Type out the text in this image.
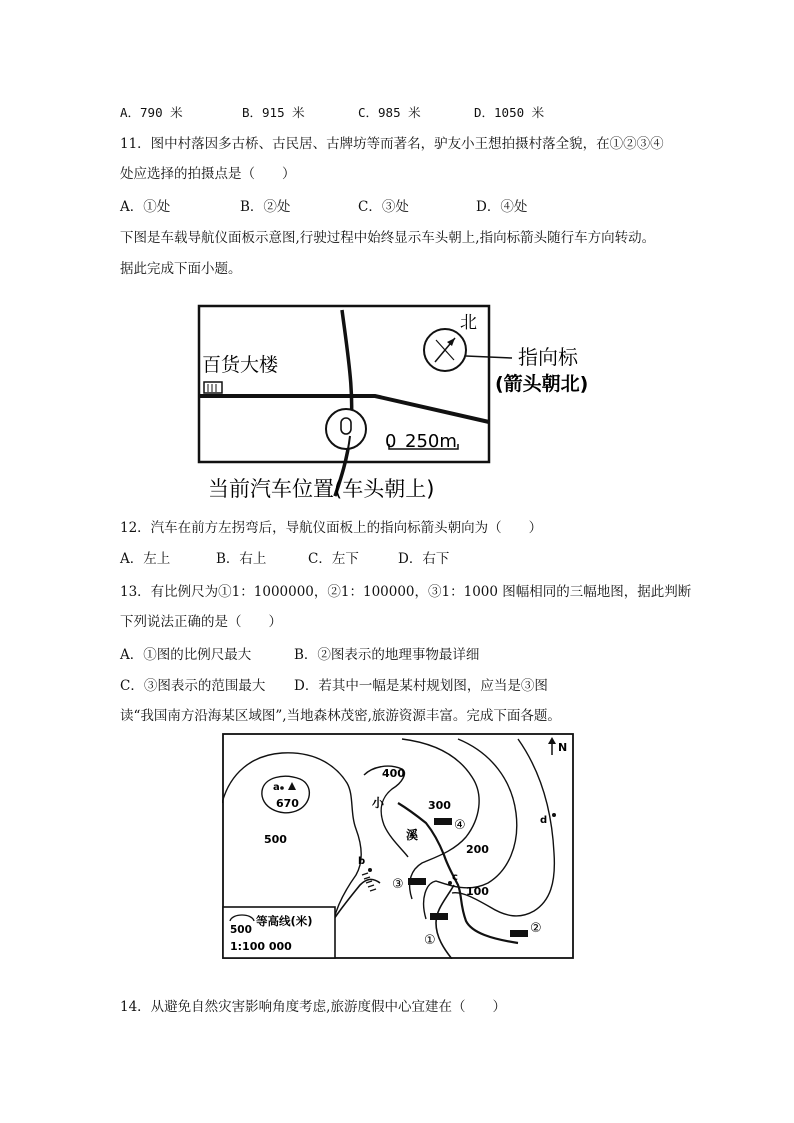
A．790 米	B．915 米	C．985 米	D．1050 米
11．图中村落因多古桥、古民居、古牌坊等而著名，驴友小王想拍摄村落全貌，在①②③④
处应选择的拍摄点是（　　）
A．①处	B．②处	C．③处	D．④处
下图是车载导航仪面板示意图,行驶过程中始终显示车头朝上,指向标箭头随行车方向转动。
据此完成下面小题。
百货大楼
北
指向标
(箭头朝北)
0 250m
当前汽车位置(车头朝上)
12．汽车在前方左拐弯后，导航仪面板上的指向标箭头朝向为（　　）
A．左上	B．右上	C．左下	D．右下
13．有比例尺为①1：1000000，②1：100000，③1：1000 图幅相同的三幅地图，据此判断
下列说法正确的是（　　）
A．①图的比例尺最大	B．②图表示的地理事物最详细
C．③图表示的范围最大 D．若其中一幅是某村规划图，应当是③图
读“我国南方沿海某区域图”,当地森林茂密,旅游资源丰富。完成下面各题。
N
a
670
500
400
300
200
100
小
溪
b
c
d
①
②
③
④
500
等高线(米)
1:100 000
14．从避免自然灾害影响角度考虑,旅游度假中心宜建在（　　）
